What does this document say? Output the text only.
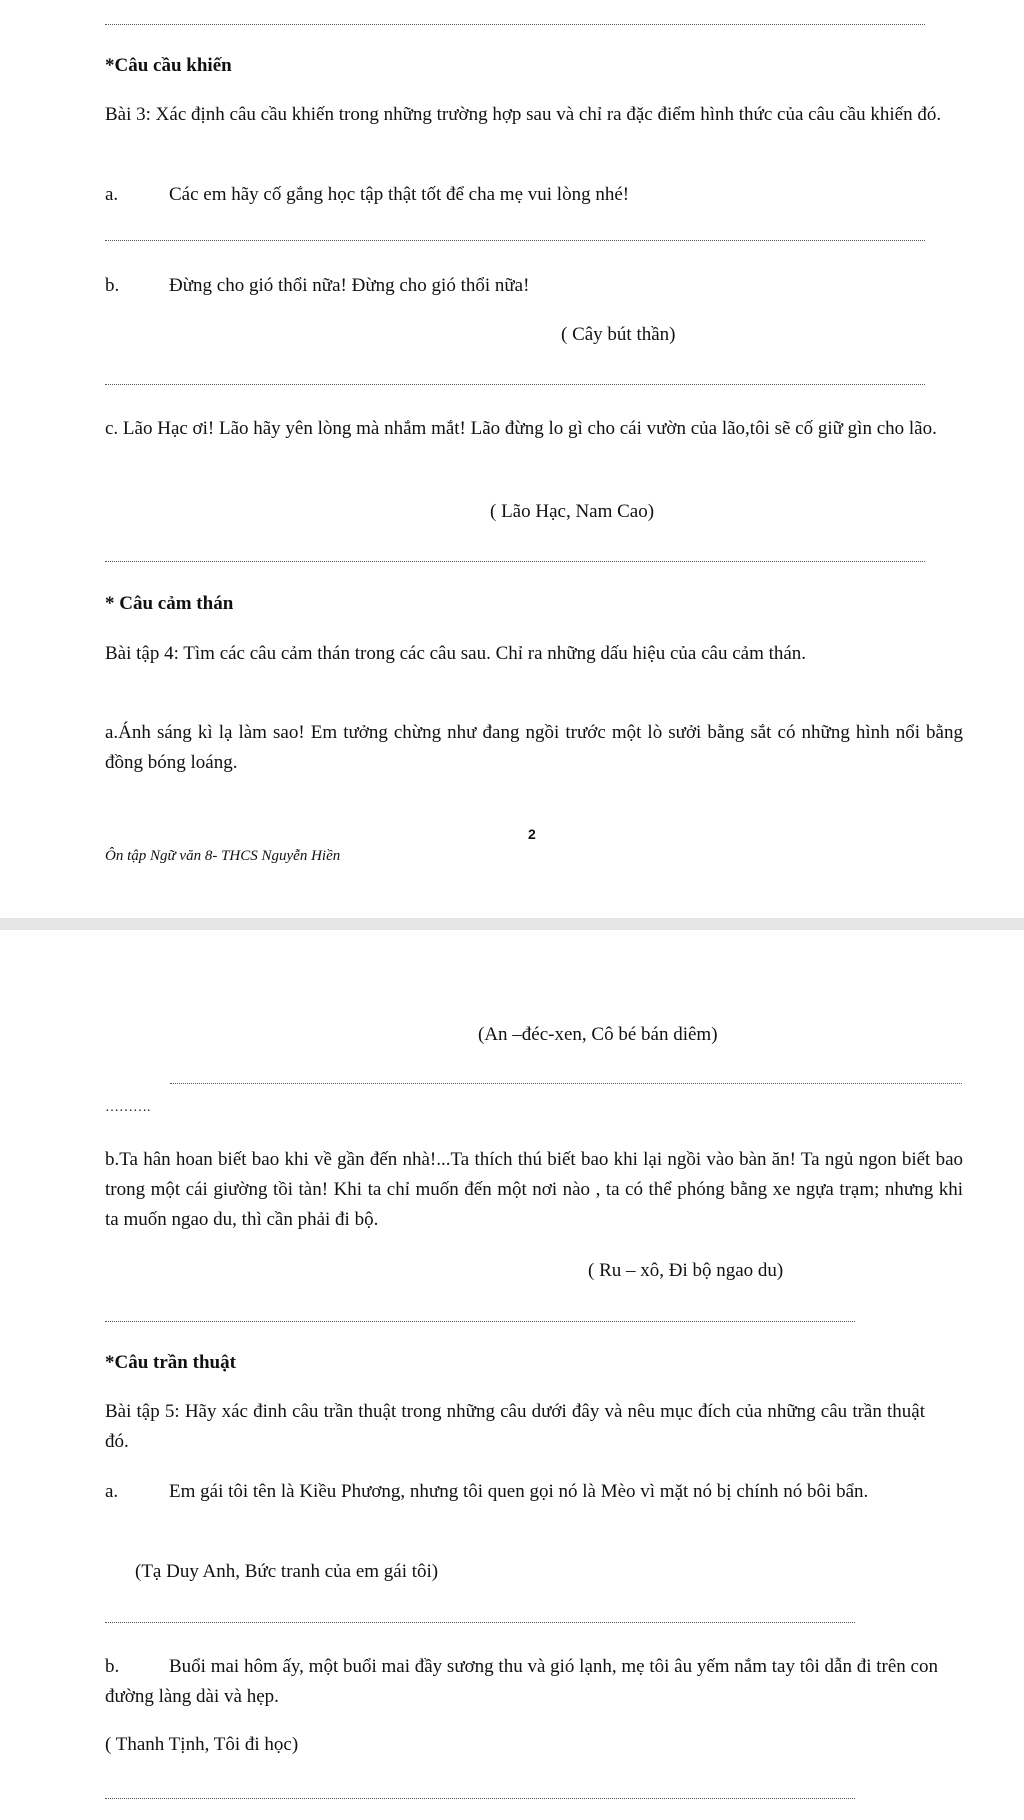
*Câu cầu khiến
Bài 3: Xác định câu cầu khiến trong những trường hợp sau và chỉ ra đặc điểm hình thức của câu cầu khiến đó.
a.	Các em hãy cố gắng học tập thật tốt để cha mẹ vui lòng nhé!
b.	Đừng cho gió thổi nữa! Đừng cho gió thổi nữa!
( Cây bút thần)
c. Lão Hạc ơi! Lão hãy yên lòng mà nhắm mắt! Lão đừng lo gì cho cái vườn của lão,tôi sẽ cố giữ gìn cho lão.
( Lão Hạc, Nam Cao)
* Câu cảm thán
Bài tập 4: Tìm các câu cảm thán trong các câu sau. Chỉ ra những dấu hiệu của câu cảm thán.
a.Ánh sáng kì lạ làm sao! Em tưởng chừng như đang ngồi trước một lò sưởi bằng sắt có những hình nổi bằng đồng bóng loáng.
2
Ôn tập Ngữ văn 8- THCS Nguyễn Hiền
(An –đéc-xen, Cô bé bán diêm)
……….
b.Ta hân hoan biết bao khi về gần đến nhà!...Ta thích thú biết bao khi lại ngồi vào bàn ăn! Ta ngủ ngon biết bao trong một cái giường tồi tàn! Khi ta chỉ muốn đến một nơi nào , ta có thể phóng bằng xe ngựa trạm; nhưng khi ta muốn ngao du, thì cần phải đi bộ.
( Ru – xô, Đi bộ ngao du)
*Câu trần thuật
Bài tập 5: Hãy xác đinh câu trần thuật trong những câu dưới đây và nêu mục đích của những câu trần thuật đó.
a.	Em gái tôi tên là Kiều Phương, nhưng tôi quen gọi nó là Mèo vì mặt nó bị chính nó bôi bẩn.
(Tạ Duy Anh, Bức tranh của em gái tôi)
b.	Buổi mai hôm ấy, một buổi mai đầy sương thu và gió lạnh, mẹ tôi âu yếm nắm tay tôi dẫn đi trên con đường làng dài và hẹp.
( Thanh Tịnh, Tôi đi học)
